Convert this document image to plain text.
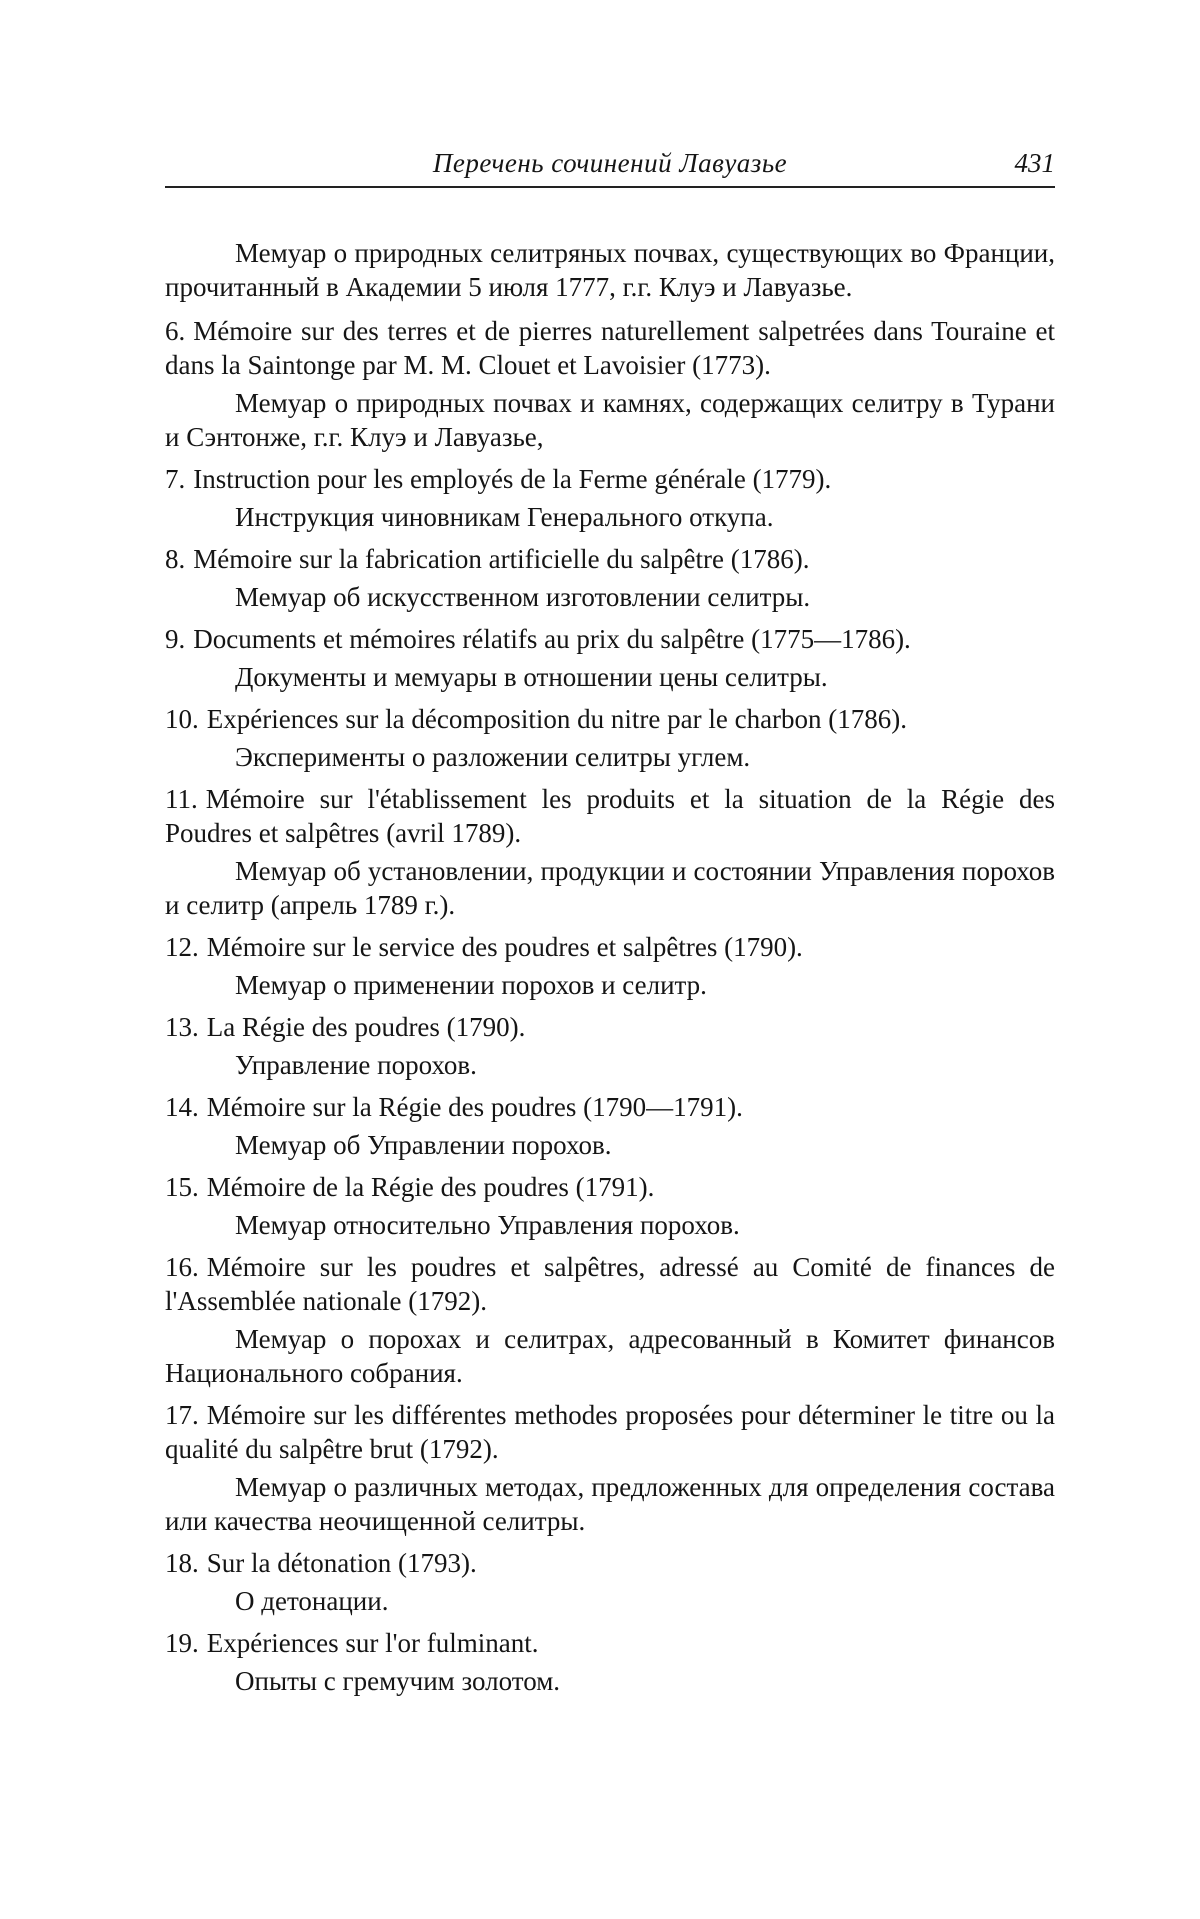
Перечень сочинений Лавуазье	431

Мемуар о природных селитряных почвах, существующих во Франции, прочитанный в Академии 5 июля 1777, г.г. Клуэ и Лавуазье.

6. Mémoire sur des terres et de pierres naturellement salpetrées dans Touraine et dans la Saintonge par M. M. Clouet et Lavoisier (1773).

Мемуар о природных почвах и камнях, содержащих селитру в Турани и Сэнтонже, г.г. Клуэ и Лавуазье,

7. Instruction pour les employés de la Ferme générale (1779).

Инструкция чиновникам Генерального откупа.

8. Mémoire sur la fabrication artificielle du salpêtre (1786).

Мемуар об искусственном изготовлении селитры.

9. Documents et mémoires rélatifs au prix du salpêtre (1775—1786).

Документы и мемуары в отношении цены селитры.

10. Expériences sur la décomposition du nitre par le charbon (1786).

Эксперименты о разложении селитры углем.

11. Mémoire sur l'établissement les produits et la situation de la Régie des Poudres et salpêtres (avril 1789).

Мемуар об установлении, продукции и состоянии Управления порохов и селитр (апрель 1789 г.).

12. Mémoire sur le service des poudres et salpêtres (1790).

Мемуар о применении порохов и селитр.

13. La Régie des poudres (1790).

Управление порохов.

14. Mémoire sur la Régie des poudres (1790—1791).

Мемуар об Управлении порохов.

15. Mémoire de la Régie des poudres (1791).

Мемуар относительно Управления порохов.

16. Mémoire sur les poudres et salpêtres, adressé au Comité de finances de l'Assemblée nationale (1792).

Мемуар о порохах и селитрах, адресованный в Комитет финансов Национального собрания.

17. Mémoire sur les différentes methodes proposées pour déterminer le titre ou la qualité du salpêtre brut (1792).

Мемуар о различных методах, предложенных для определения состава или качества неочищенной селитры.

18. Sur la détonation (1793).

О детонации.

19. Expériences sur l'or fulminant.

Опыты с гремучим золотом.
